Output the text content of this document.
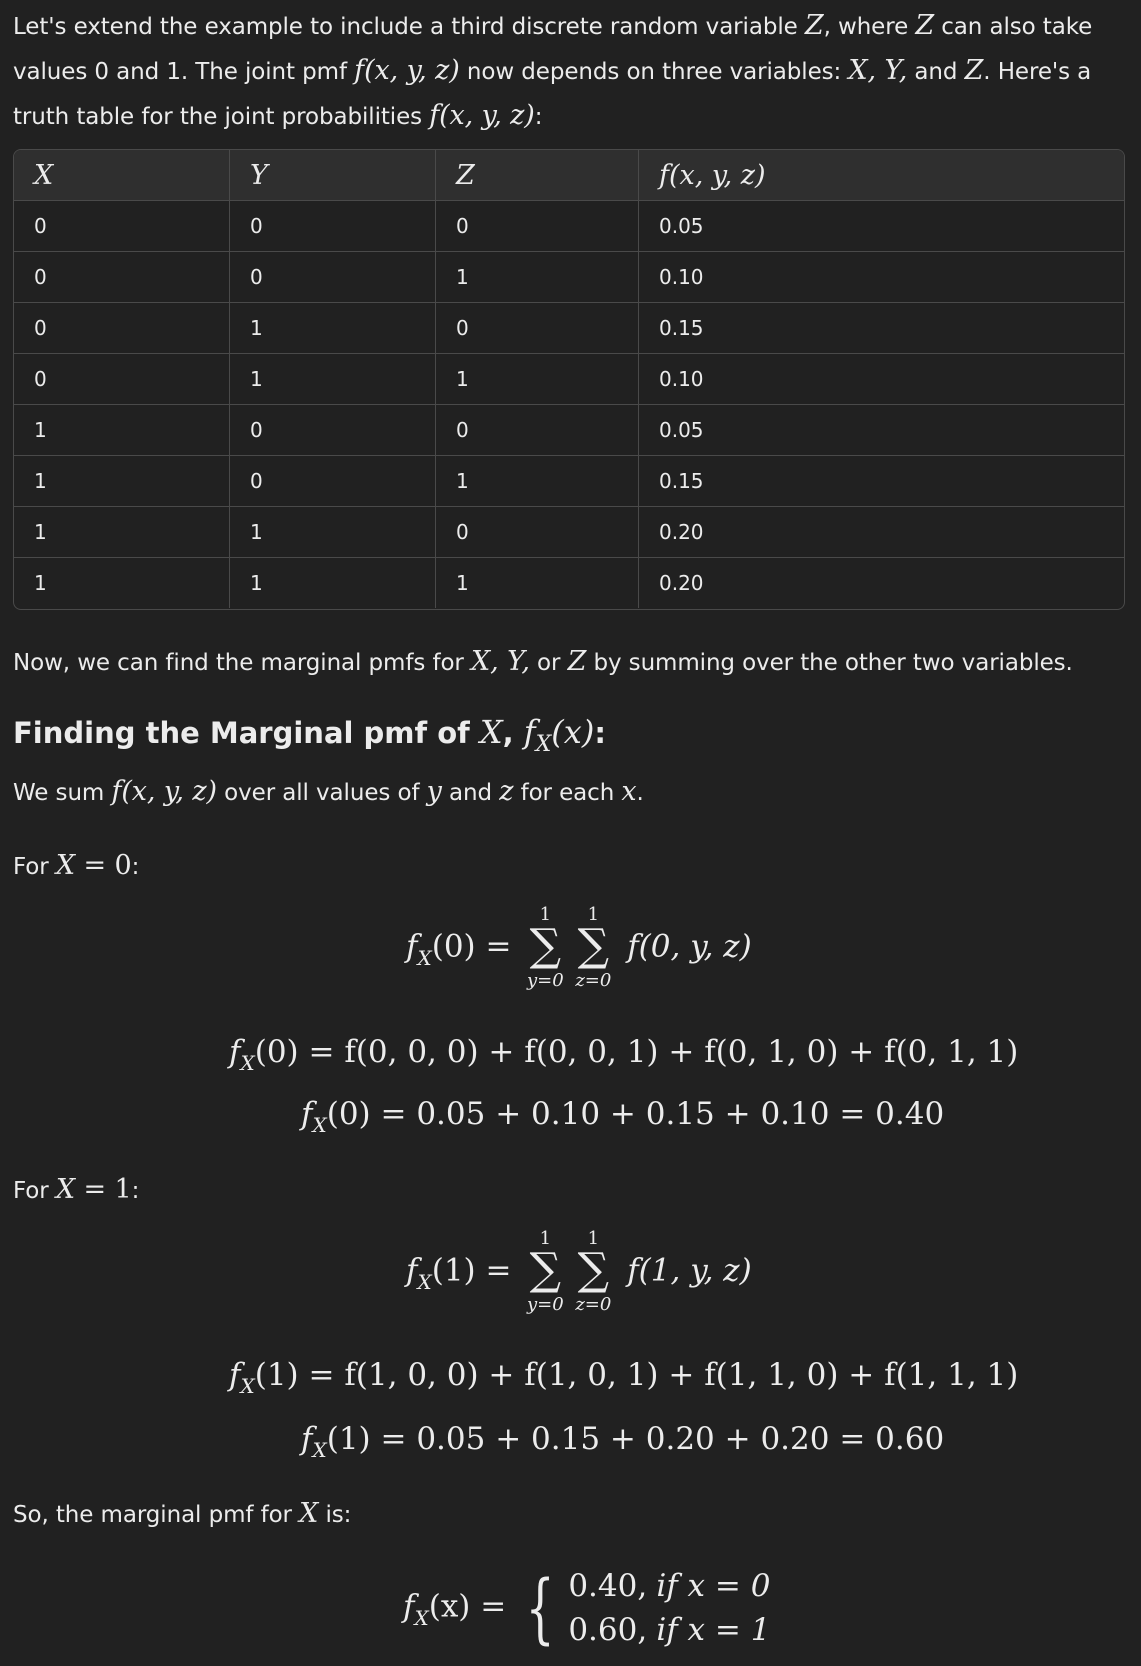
Let's extend the example to include a third discrete random variable Z, where Z can also take values 0 and 1. The joint pmf f(x, y, z) now depends on three variables: X, Y, and Z. Here's a truth table for the joint probabilities f(x, y, z):
X	Y	Z	f(x, y, z)
0	0	0	0.05
0	0	1	0.10
0	1	0	0.15
0	1	1	0.10
1	0	0	0.05
1	0	1	0.15
1	1	0	0.20
1	1	1	0.20
Now, we can find the marginal pmfs for X, Y, or Z by summing over the other two variables.
Finding the Marginal pmf of X, $f_X(x)$:
We sum f(x, y, z) over all values of y and z for each x.
For X = 0:
$f_X(0)$ =
1
∑
y=0
1
∑
z=0
f(0, y, z)
$f_X(0) = f(0$, 0, 0) + f(0, 0, 1) + f(0, 1, 0) + f(0, 1, 1)
$f_X(0) = 0.05 + 0.10 + 0.15 + 0.10 = 0.40$
For X = 1:
$f_X(1)$ =
1
∑
y=0
1
∑
z=0
f(1, y, z)
$f_X(1) = f(1$, 0, 0) + f(1, 0, 1) + f(1, 1, 0) + f(1, 1, 1)
$f_X(1) = 0.05 + 0.15 + 0.20 + 0.20 = 0.60$
So, the marginal pmf for X is:
$f_X(x)$ = { 0.40, if x = 0
0.60, if x = 1
